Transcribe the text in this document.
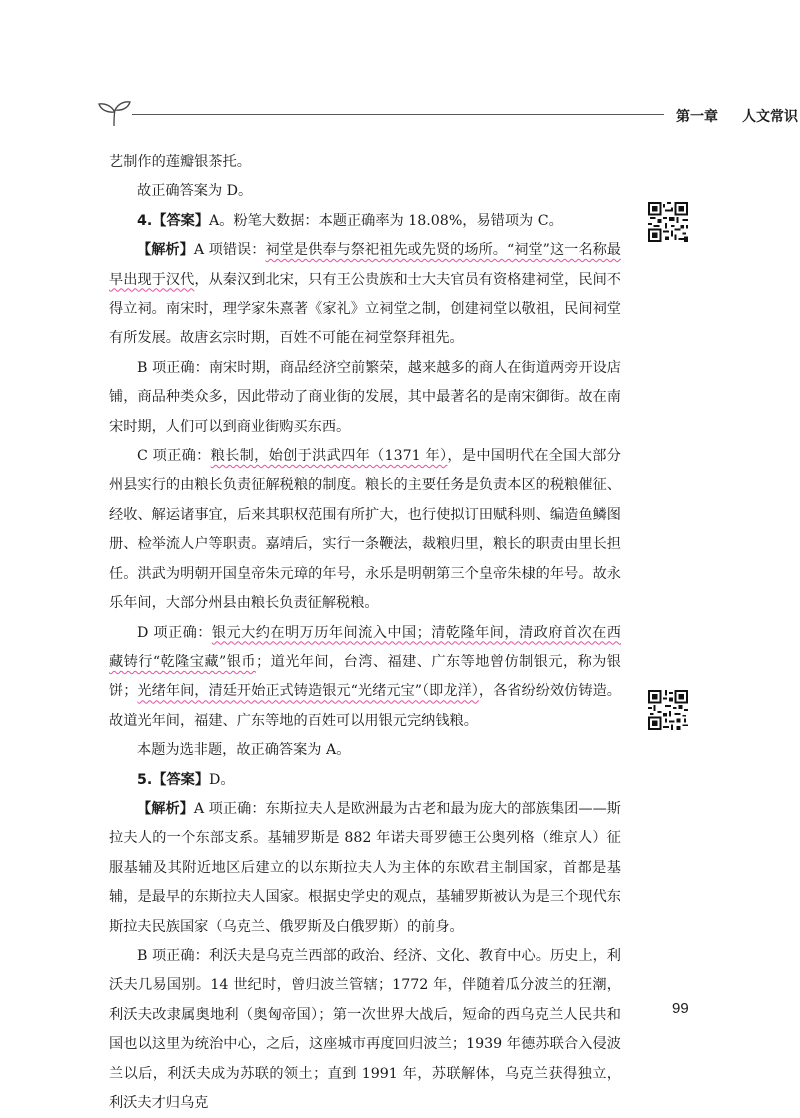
第一章 人文常识

艺制作的莲瓣银茶托。

故正确答案为 D。

4.【答案】A。粉笔大数据：本题正确率为 18.08%，易错项为 C。

【解析】A 项错误：祠堂是供奉与祭祀祖先或先贤的场所。“祠堂”这一名称最早出现于汉代，从秦汉到北宋，只有王公贵族和士大夫官员有资格建祠堂，民间不得立祠。南宋时，理学家朱熹著《家礼》立祠堂之制，创建祠堂以敬祖，民间祠堂有所发展。故唐玄宗时期，百姓不可能在祠堂祭拜祖先。

B 项正确：南宋时期，商品经济空前繁荣，越来越多的商人在街道两旁开设店铺，商品种类众多，因此带动了商业街的发展，其中最著名的是南宋御街。故在南宋时期，人们可以到商业街购买东西。

C 项正确：粮长制，始创于洪武四年（1371 年），是中国明代在全国大部分州县实行的由粮长负责征解税粮的制度。粮长的主要任务是负责本区的税粮催征、经收、解运诸事宜，后来其职权范围有所扩大，也行使拟订田赋科则、编造鱼鳞图册、检举流人户等职责。嘉靖后，实行一条鞭法，裁粮归里，粮长的职责由里长担任。洪武为明朝开国皇帝朱元璋的年号，永乐是明朝第三个皇帝朱棣的年号。故永乐年间，大部分州县由粮长负责征解税粮。

D 项正确：银元大约在明万历年间流入中国；清乾隆年间，清政府首次在西藏铸行“乾隆宝藏”银币；道光年间，台湾、福建、广东等地曾仿制银元，称为银饼；光绪年间，清廷开始正式铸造银元“光绪元宝”（即龙洋），各省纷纷效仿铸造。故道光年间，福建、广东等地的百姓可以用银元完纳钱粮。

本题为选非题，故正确答案为 A。

5.【答案】D。

【解析】A 项正确：东斯拉夫人是欧洲最为古老和最为庞大的部族集团——斯拉夫人的一个东部支系。基辅罗斯是 882 年诺夫哥罗德王公奥列格（维京人）征服基辅及其附近地区后建立的以东斯拉夫人为主体的东欧君主制国家，首都是基辅，是最早的东斯拉夫人国家。根据史学史的观点，基辅罗斯被认为是三个现代东斯拉夫民族国家（乌克兰、俄罗斯及白俄罗斯）的前身。

B 项正确：利沃夫是乌克兰西部的政治、经济、文化、教育中心。历史上，利沃夫几易国别。14 世纪时，曾归波兰管辖；1772 年，伴随着瓜分波兰的狂潮，利沃夫改隶属奥地利（奥匈帝国）；第一次世界大战后，短命的西乌克兰人民共和国也以这里为统治中心，之后，这座城市再度回归波兰；1939 年德苏联合入侵波兰以后，利沃夫成为苏联的领土；直到 1991 年，苏联解体，乌克兰获得独立，利沃夫才归乌克

99
